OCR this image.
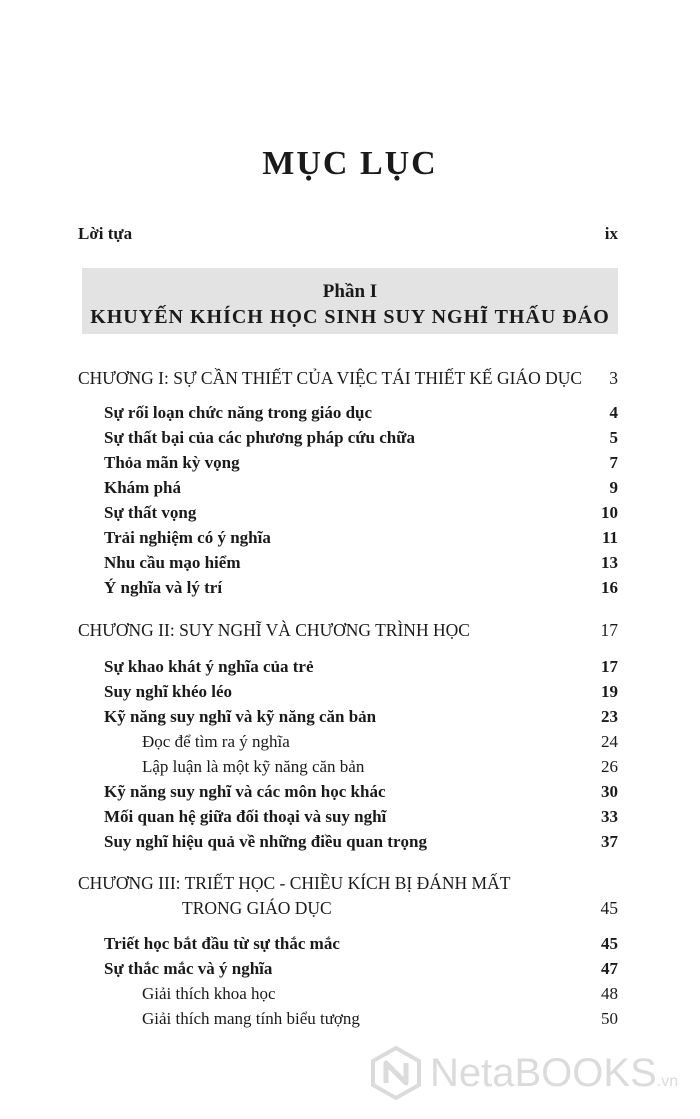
MỤC LỤC
Lời tựa	ix
Phần I
KHUYẾN KHÍCH HỌC SINH SUY NGHĨ THẤU ĐÁO
CHƯƠNG I: SỰ CẦN THIẾT CỦA VIỆC TÁI THIẾT KẾ GIÁO DỤC 3
Sự rối loạn chức năng trong giáo dục	4
Sự thất bại của các phương pháp cứu chữa	5
Thỏa mãn kỳ vọng	7
Khám phá	9
Sự thất vọng	10
Trải nghiệm có ý nghĩa	11
Nhu cầu mạo hiểm	13
Ý nghĩa và lý trí	16
CHƯƠNG II: SUY NGHĨ VÀ CHƯƠNG TRÌNH HỌC	17
Sự khao khát ý nghĩa của trẻ	17
Suy nghĩ khéo léo	19
Kỹ năng suy nghĩ và kỹ năng căn bản	23
Đọc để tìm ra ý nghĩa	24
Lập luận là một kỹ năng căn bản	26
Kỹ năng suy nghĩ và các môn học khác	30
Mối quan hệ giữa đối thoại và suy nghĩ	33
Suy nghĩ hiệu quả về những điều quan trọng	37
CHƯƠNG III: TRIẾT HỌC - CHIỀU KÍCH BỊ ĐÁNH MẤT
TRONG GIÁO DỤC	45
Triết học bắt đầu từ sự thắc mắc	45
Sự thắc mắc và ý nghĩa	47
Giải thích khoa học	48
Giải thích mang tính biểu tượng	50
NetaBOOKS .vn
